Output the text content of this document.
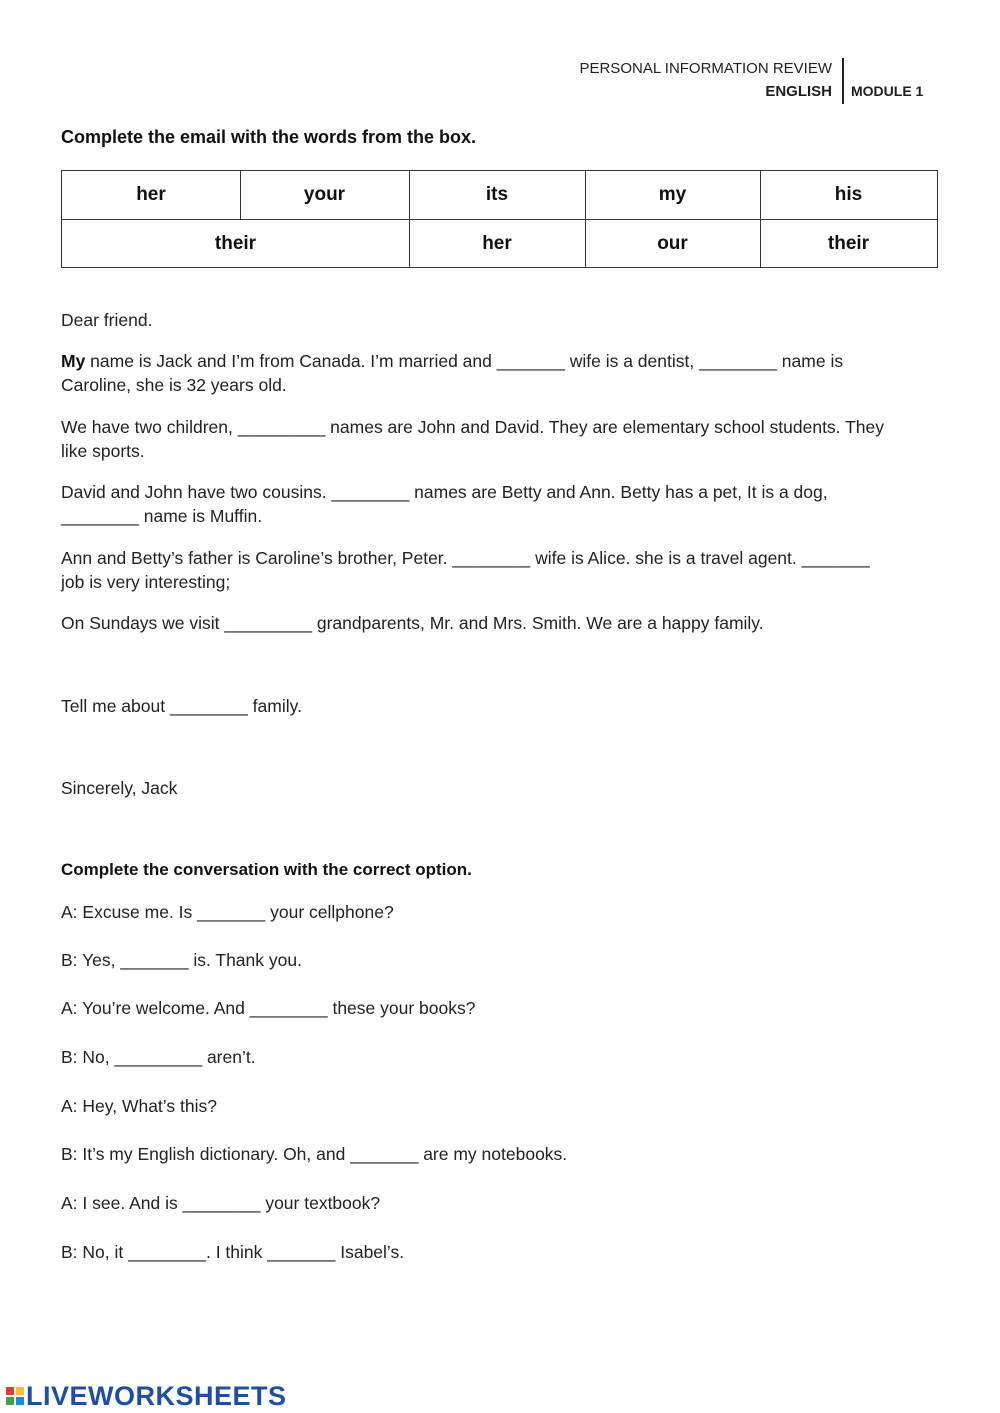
PERSONAL INFORMATION REVIEW
ENGLISH MODULE 1
Complete the email with the words from the box.
her	your	its	my	his
their	her	our	their
Dear friend.
My name is Jack and I’m from Canada. I’m married and _______ wife is a dentist, ________ name is
Caroline, she is 32 years old.
We have two children, _________ names are John and David. They are elementary school students. They
like sports.
David and John have two cousins. ________ names are Betty and Ann. Betty has a pet, It is a dog,
________ name is Muffin.
Ann and Betty’s father is Caroline’s brother, Peter. ________ wife is Alice. she is a travel agent. _______
job is very interesting;
On Sundays we visit _________ grandparents, Mr. and Mrs. Smith. We are a happy family.
Tell me about ________ family.
Sincerely, Jack
Complete the conversation with the correct option.
A: Excuse me. Is _______ your cellphone?
B: Yes, _______ is. Thank you.
A: You’re welcome. And ________ these your books?
B: No, _________ aren’t.
A: Hey, What’s this?
B: It’s my English dictionary. Oh, and _______ are my notebooks.
A: I see. And is ________ your textbook?
B: No, it ________. I think _______ Isabel’s.
LIVEWORKSHEETS
